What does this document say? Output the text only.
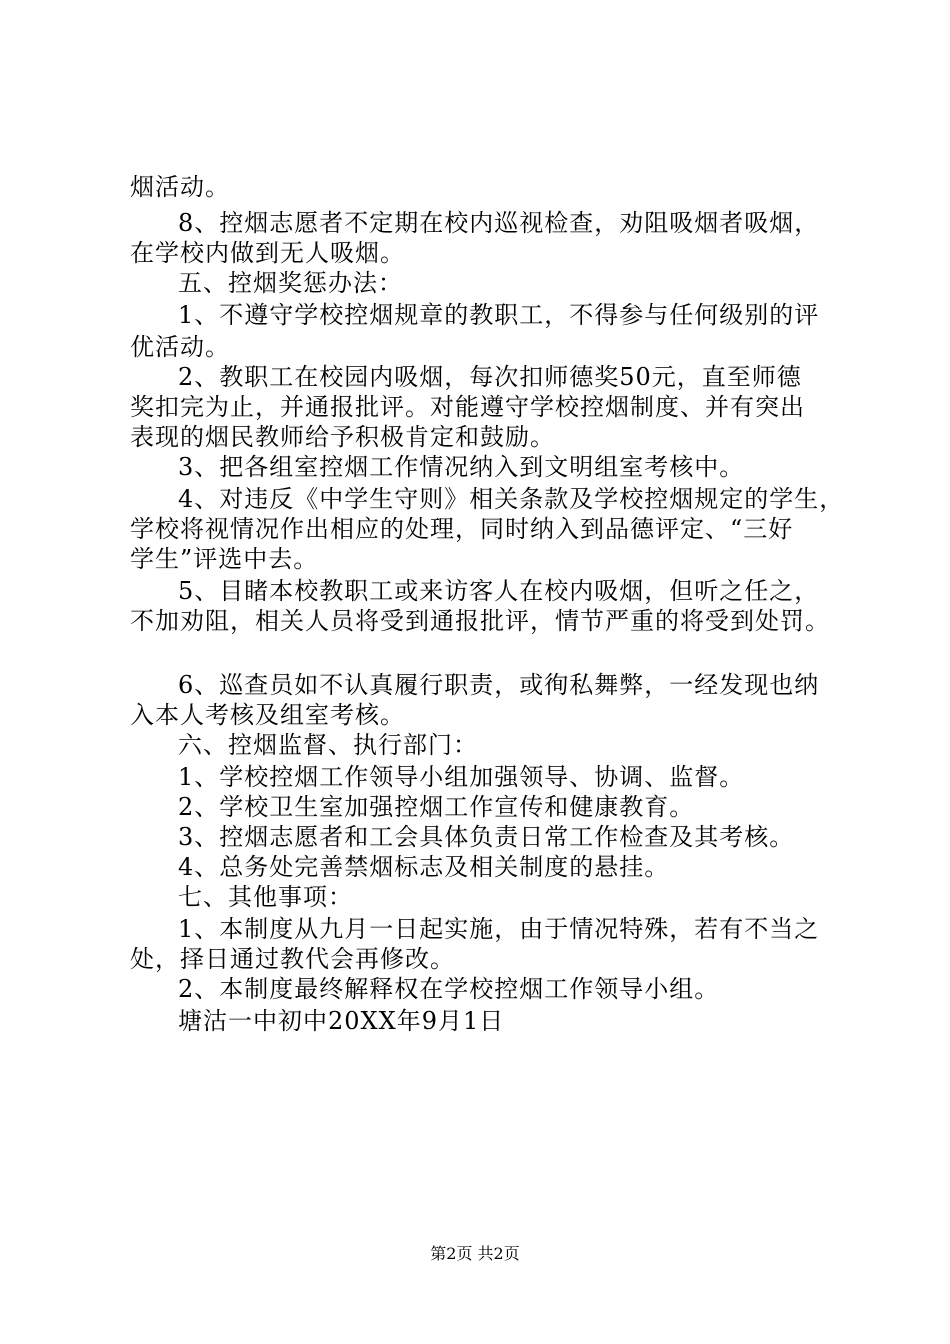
烟活动。
8、控烟志愿者不定期在校内巡视检查，劝阻吸烟者吸烟，
在学校内做到无人吸烟。
五、控烟奖惩办法：
1、不遵守学校控烟规章的教职工，不得参与任何级别的评
优活动。
2、教职工在校园内吸烟，每次扣师德奖50元，直至师德
奖扣完为止，并通报批评。对能遵守学校控烟制度、并有突出
表现的烟民教师给予积极肯定和鼓励。
3、把各组室控烟工作情况纳入到文明组室考核中。
4、对违反《中学生守则》相关条款及学校控烟规定的学生，
学校将视情况作出相应的处理，同时纳入到品德评定、“三好
学生”评选中去。
5、目睹本校教职工或来访客人在校内吸烟，但听之任之，
不加劝阻，相关人员将受到通报批评，情节严重的将受到处罚。
6、巡查员如不认真履行职责，或徇私舞弊，一经发现也纳
入本人考核及组室考核。
六、控烟监督、执行部门：
1、学校控烟工作领导小组加强领导、协调、监督。
2、学校卫生室加强控烟工作宣传和健康教育。
3、控烟志愿者和工会具体负责日常工作检查及其考核。
4、总务处完善禁烟标志及相关制度的悬挂。
七、其他事项：
1、本制度从九月一日起实施，由于情况特殊，若有不当之
处，择日通过教代会再修改。
2、本制度最终解释权在学校控烟工作领导小组。
塘沽一中初中20XX年9月1日
第2页 共2页
